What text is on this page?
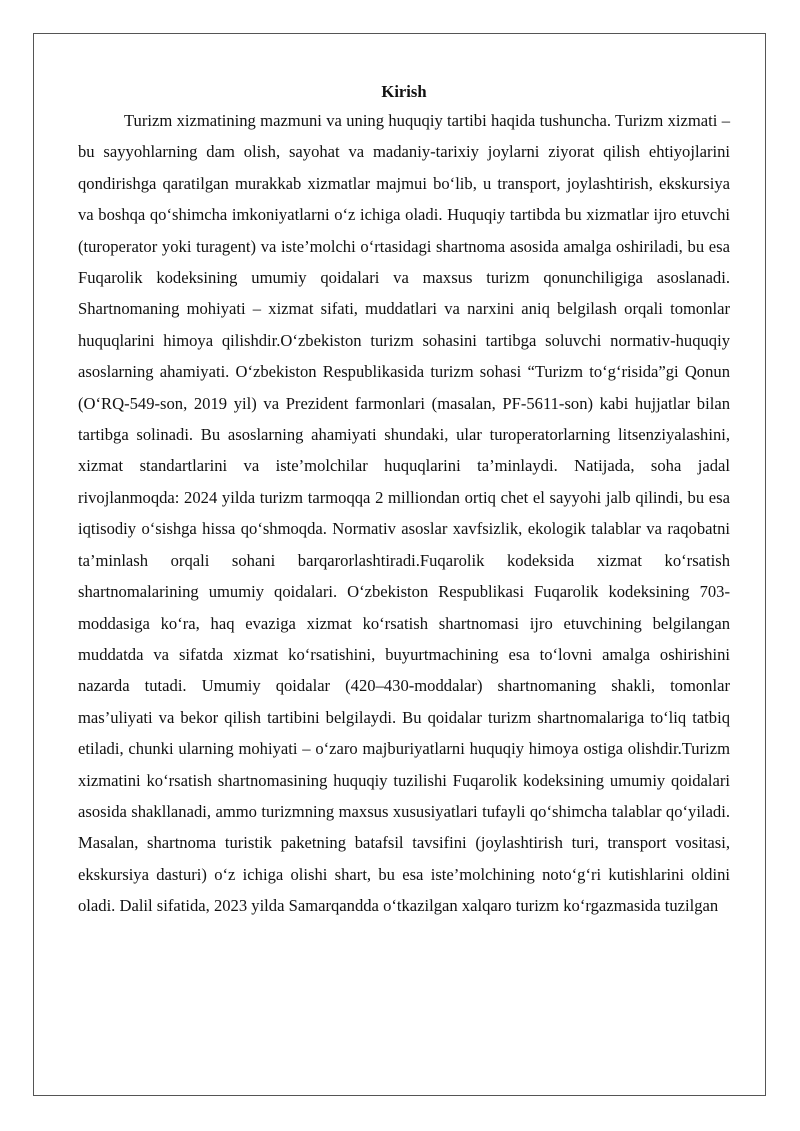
Kirish

Turizm xizmatining mazmuni va uning huquqiy tartibi haqida tushuncha. Turizm xizmati – bu sayyohlarning dam olish, sayohat va madaniy-tarixiy joylarni ziyorat qilish ehtiyojlarini qondirishga qaratilgan murakkab xizmatlar majmui bo‘lib, u transport, joylashtirish, ekskursiya va boshqa qo‘shimcha imkoniyatlarni o‘z ichiga oladi. Huquqiy tartibda bu xizmatlar ijro etuvchi (turoperator yoki turagent) va iste’molchi o‘rtasidagi shartnoma asosida amalga oshiriladi, bu esa Fuqarolik kodeksining umumiy qoidalari va maxsus turizm qonunchiligiga asoslanadi. Shartnomaning mohiyati – xizmat sifati, muddatlari va narxini aniq belgilash orqali tomonlar huquqlarini himoya qilishdir.O‘zbekiston turizm sohasini tartibga soluvchi normativ-huquqiy asoslarning ahamiyati. O‘zbekiston Respublikasida turizm sohasi “Turizm to‘g‘risida”gi Qonun (O‘RQ-549-son, 2019 yil) va Prezident farmonlari (masalan, PF-5611-son) kabi hujjatlar bilan tartibga solinadi. Bu asoslarning ahamiyati shundaki, ular turoperatorlarning litsenziyalashini, xizmat standartlarini va iste’molchilar huquqlarini ta’minlaydi. Natijada, soha jadal rivojlanmoqda: 2024 yilda turizm tarmoqqa 2 milliondan ortiq chet el sayyohi jalb qilindi, bu esa iqtisodiy o‘sishga hissa qo‘shmoqda. Normativ asoslar xavfsizlik, ekologik talablar va raqobatni ta’minlash orqali sohani barqarorlashtiradi.Fuqarolik kodeksida xizmat ko‘rsatish shartnomalarining umumiy qoidalari. O‘zbekiston Respublikasi Fuqarolik kodeksining 703-moddasiga ko‘ra, haq evaziga xizmat ko‘rsatish shartnomasi ijro etuvchining belgilangan muddatda va sifatda xizmat ko‘rsatishini, buyurtmachining esa to‘lovni amalga oshirishini nazarda tutadi. Umumiy qoidalar (420–430-moddalar) shartnomaning shakli, tomonlar mas’uliyati va bekor qilish tartibini belgilaydi. Bu qoidalar turizm shartnomalariga to‘liq tatbiq etiladi, chunki ularning mohiyati – o‘zaro majburiyatlarni huquqiy himoya ostiga olishdir.Turizm xizmatini ko‘rsatish shartnomasining huquqiy tuzilishi Fuqarolik kodeksining umumiy qoidalari asosida shakllanadi, ammo turizmning maxsus xususiyatlari tufayli qo‘shimcha talablar qo‘yiladi. Masalan, shartnoma turistik paketning batafsil tavsifini (joylashtirish turi, transport vositasi, ekskursiya dasturi) o‘z ichiga olishi shart, bu esa iste’molchining noto‘g‘ri kutishlarini oldini oladi. Dalil sifatida, 2023 yilda Samarqandda o‘tkazilgan xalqaro turizm ko‘rgazmasida tuzilgan
